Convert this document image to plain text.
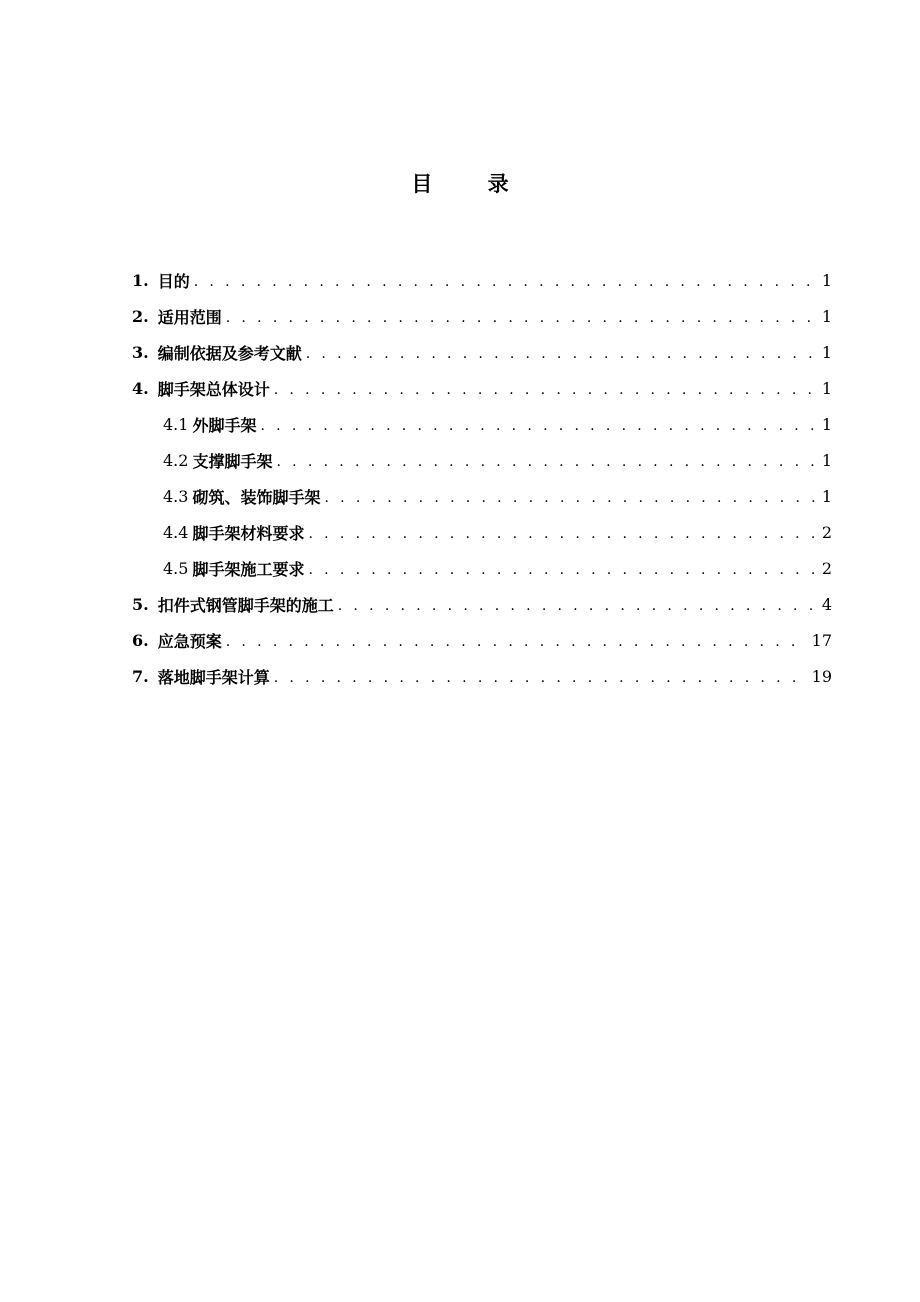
目 录
1. 目的 . . .	1
2. 适用范围 . . .	1
3. 编制依据及参考文献 . . .	1
4. 脚手架总体设计 . . .	1
4.1 外脚手架 . . .	1
4.2 支撑脚手架 . . .	1
4.3 砌筑、装饰脚手架 . . .	1
4.4 脚手架材料要求 . . .	2
4.5 脚手架施工要求 . . .	2
5. 扣件式钢管脚手架的施工 . . .	4
6. 应急预案 . . .	17
7. 落地脚手架计算 . . .	19
